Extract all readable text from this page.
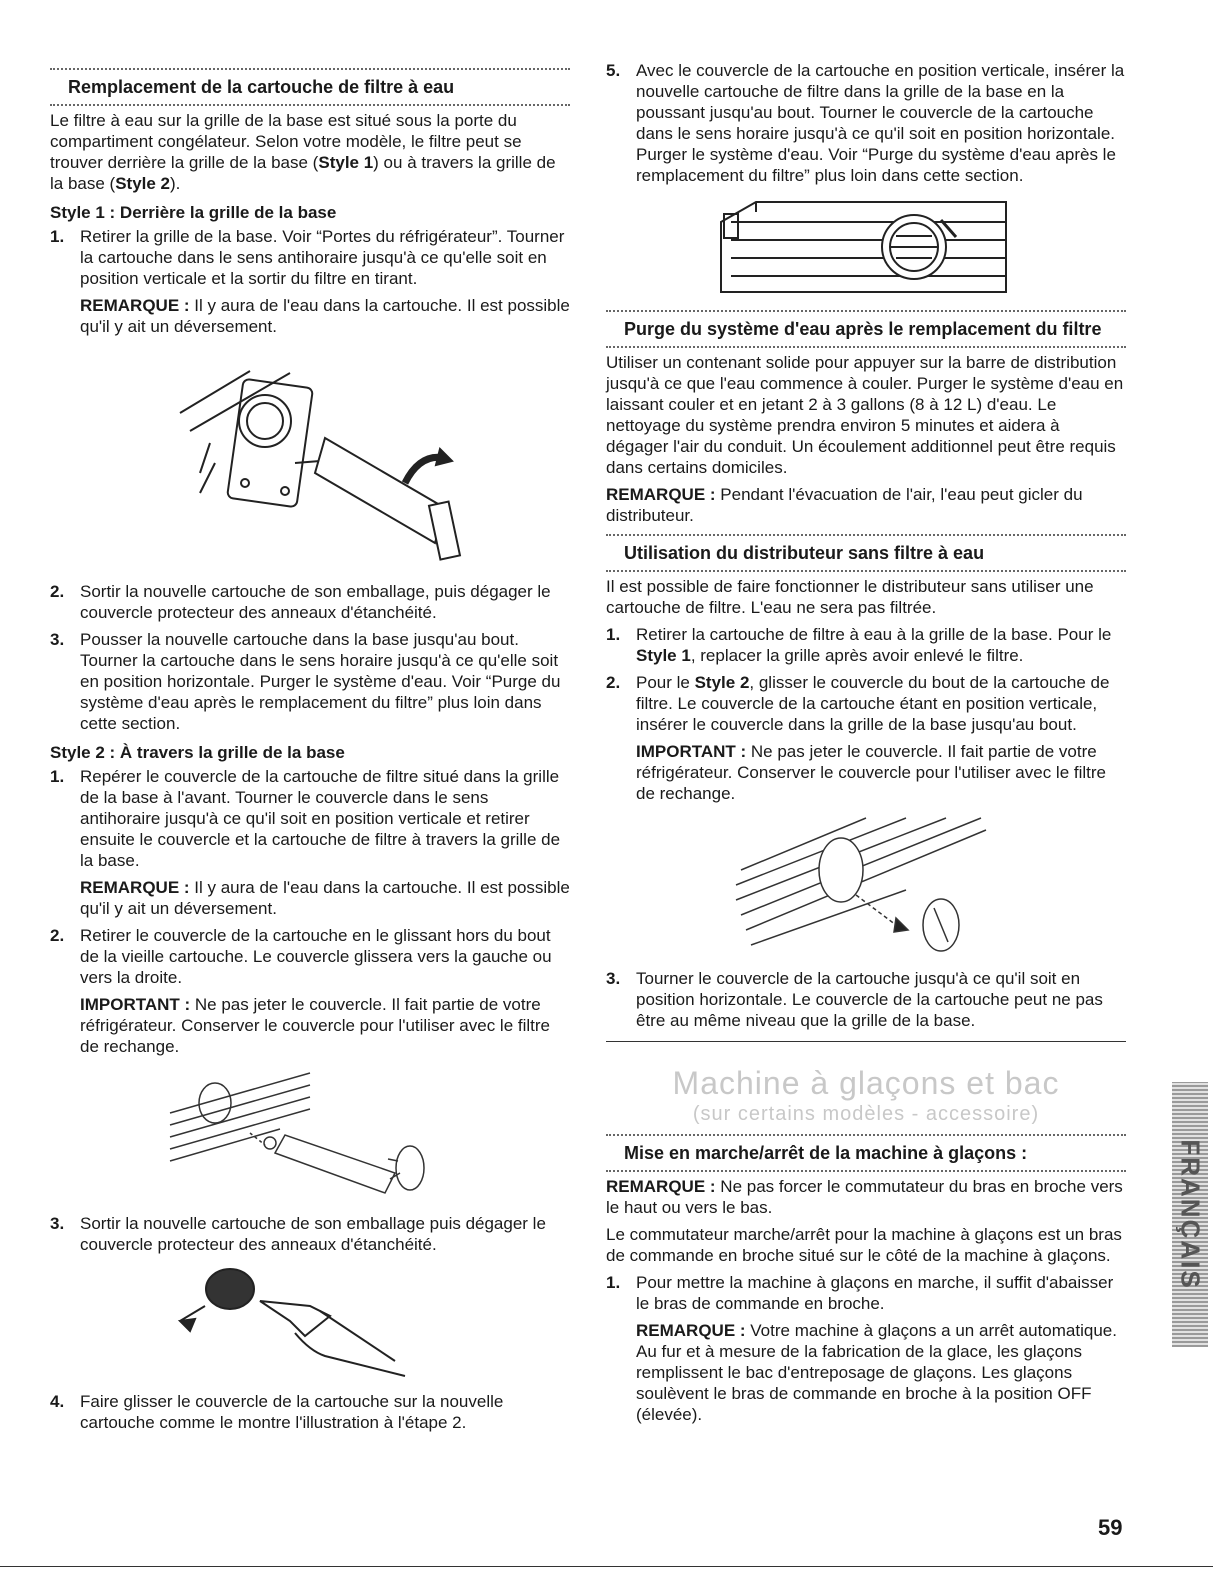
Remplacement de la cartouche de filtre à eau

Le filtre à eau sur la grille de la base est situé sous la porte du compartiment congélateur. Selon votre modèle, le filtre peut se trouver derrière la grille de la base (Style 1) ou à travers la grille de la base (Style 2).

Style 1 : Derrière la grille de la base
1. Retirer la grille de la base. Voir “Portes du réfrigérateur”. Tourner la cartouche dans le sens antihoraire jusqu'à ce qu'elle soit en position verticale et la sortir du filtre en tirant.

REMARQUE : Il y aura de l'eau dans la cartouche. Il est possible qu'il y ait un déversement.

2. Sortir la nouvelle cartouche de son emballage, puis dégager le couvercle protecteur des anneaux d'étanchéité.
3. Pousser la nouvelle cartouche dans la base jusqu'au bout. Tourner la cartouche dans le sens horaire jusqu'à ce qu'elle soit en position horizontale. Purger le système d'eau. Voir “Purge du système d'eau après le remplacement du filtre” plus loin dans cette section.
Style 2 : À travers la grille de la base
1. Repérer le couvercle de la cartouche de filtre situé dans la grille de la base à l'avant. Tourner le couvercle dans le sens antihoraire jusqu'à ce qu'il soit en position verticale et retirer ensuite le couvercle et la cartouche de filtre à travers la grille de la base.

REMARQUE : Il y aura de l'eau dans la cartouche. Il est possible qu'il y ait un déversement.

2. Retirer le couvercle de la cartouche en le glissant hors du bout de la vieille cartouche. Le couvercle glissera vers la gauche ou vers la droite.

IMPORTANT : Ne pas jeter le couvercle. Il fait partie de votre réfrigérateur. Conserver le couvercle pour l'utiliser avec le filtre de rechange.

3. Sortir la nouvelle cartouche de son emballage puis dégager le couvercle protecteur des anneaux d'étanchéité.
4. Faire glisser le couvercle de la cartouche sur la nouvelle cartouche comme le montre l'illustration à l'étape 2.
5. Avec le couvercle de la cartouche en position verticale, insérer la nouvelle cartouche de filtre dans la grille de la base en la poussant jusqu'au bout. Tourner le couvercle de la cartouche dans le sens horaire jusqu'à ce qu'il soit en position horizontale. Purger le système d'eau. Voir “Purge du système d'eau après le remplacement du filtre” plus loin dans cette section.
Purge du système d'eau après le remplacement du filtre

Utiliser un contenant solide pour appuyer sur la barre de distribution jusqu'à ce que l'eau commence à couler. Purger le système d'eau en laissant couler et en jetant 2 à 3 gallons (8 à 12 L) d'eau. Le nettoyage du système prendra environ 5 minutes et aidera à dégager l'air du conduit. Un écoulement additionnel peut être requis dans certains domiciles.

REMARQUE : Pendant l'évacuation de l'air, l'eau peut gicler du distributeur.

Utilisation du distributeur sans filtre à eau

Il est possible de faire fonctionner le distributeur sans utiliser une cartouche de filtre. L'eau ne sera pas filtrée.

1. Retirer la cartouche de filtre à eau à la grille de la base. Pour le Style 1, replacer la grille après avoir enlevé le filtre.
2. Pour le Style 2, glisser le couvercle du bout de la cartouche de filtre. Le couvercle de la cartouche étant en position verticale, insérer le couvercle dans la grille de la base jusqu'au bout.

IMPORTANT : Ne pas jeter le couvercle. Il fait partie de votre réfrigérateur. Conserver le couvercle pour l'utiliser avec le filtre de rechange.

3. Tourner le couvercle de la cartouche jusqu'à ce qu'il soit en position horizontale. Le couvercle de la cartouche peut ne pas être au même niveau que la grille de la base.
Machine à glaçons et bac
(sur certains modèles - accessoire)
Mise en marche/arrêt de la machine à glaçons :

REMARQUE : Ne pas forcer le commutateur du bras en broche vers le haut ou vers le bas.

Le commutateur marche/arrêt pour la machine à glaçons est un bras de commande en broche situé sur le côté de la machine à glaçons.

1. Pour mettre la machine à glaçons en marche, il suffit d'abaisser le bras de commande en broche.

REMARQUE : Votre machine à glaçons a un arrêt automatique. Au fur et à mesure de la fabrication de la glace, les glaçons remplissent le bac d'entreposage de glaçons. Les glaçons soulèvent le bras de commande en broche à la position OFF (élevée).

FRANÇAIS
59
